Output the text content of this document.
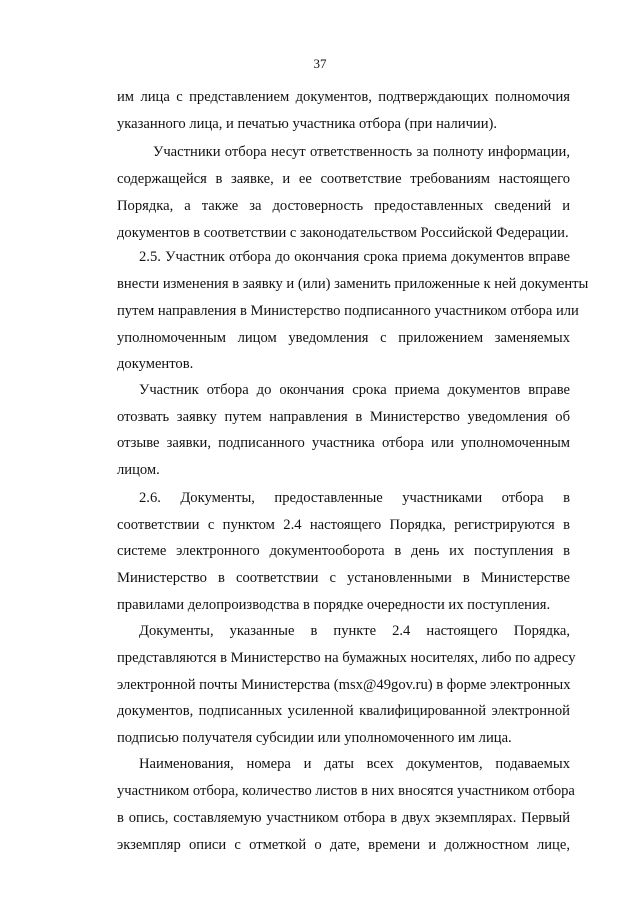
37
им лица с представлением документов, подтверждающих полномочия
указанного лица, и печатью участника отбора (при наличии).
Участники отбора несут ответственность за полноту информации,
содержащейся в заявке, и ее соответствие требованиям настоящего
Порядка, а также за достоверность предоставленных сведений и
документов в соответствии с законодательством Российской Федерации.
2.5. Участник отбора до окончания срока приема документов вправе
внести изменения в заявку и (или) заменить приложенные к ней документы
путем направления в Министерство подписанного участником отбора или
уполномоченным лицом уведомления с приложением заменяемых
документов.
Участник отбора до окончания срока приема документов вправе
отозвать заявку путем направления в Министерство уведомления об
отзыве заявки, подписанного участника отбора или уполномоченным
лицом.
2.6. Документы, предоставленные участниками отбора в
соответствии с пунктом 2.4 настоящего Порядка, регистрируются в
системе электронного документооборота в день их поступления в
Министерство в соответствии с установленными в Министерстве
правилами делопроизводства в порядке очередности их поступления.
Документы, указанные в пункте 2.4 настоящего Порядка,
представляются в Министерство на бумажных носителях, либо по адресу
электронной почты Министерства (msx@49gov.ru) в форме электронных
документов, подписанных усиленной квалифицированной электронной
подписью получателя субсидии или уполномоченного им лица.
Наименования, номера и даты всех документов, подаваемых
участником отбора, количество листов в них вносятся участником отбора
в опись, составляемую участником отбора в двух экземплярах. Первый
экземпляр описи с отметкой о дате, времени и должностном лице,
